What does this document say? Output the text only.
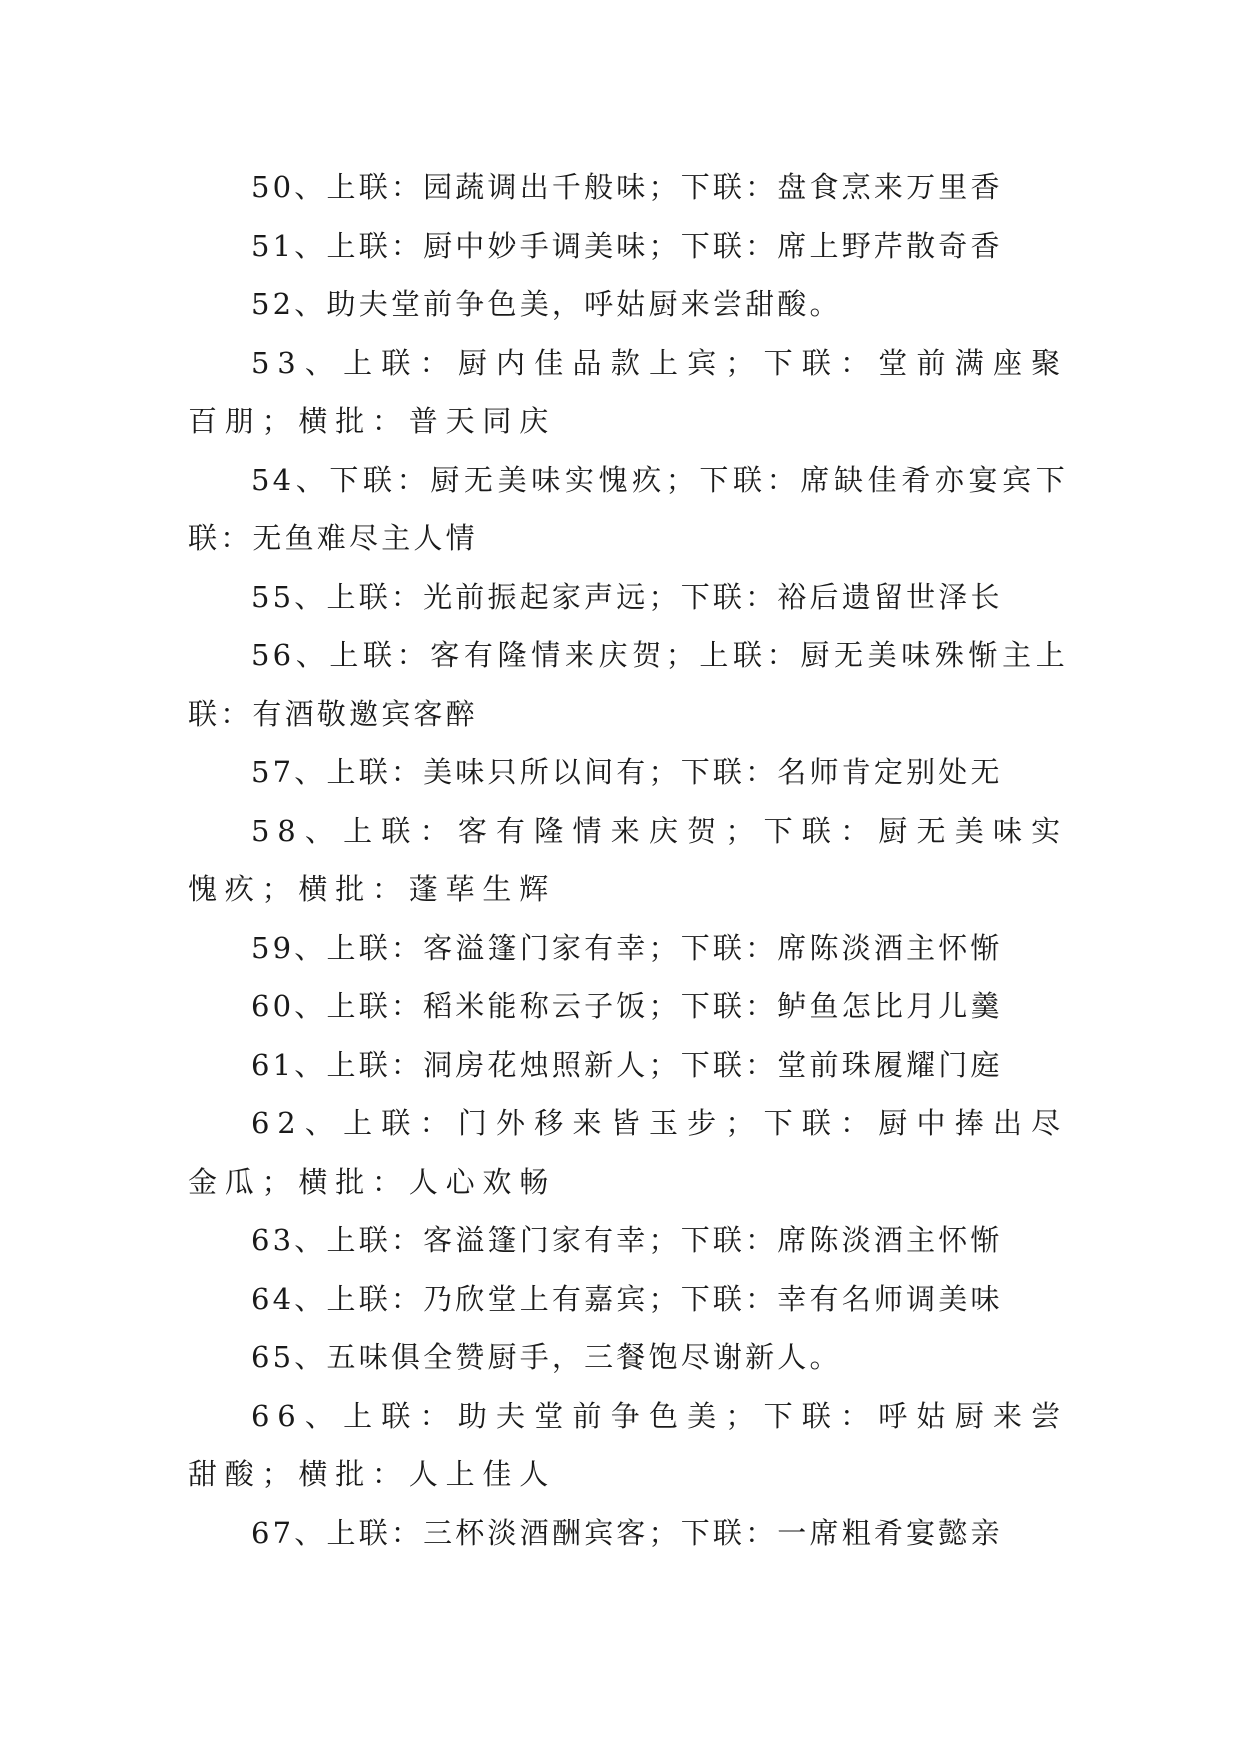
50、上联：园蔬调出千般味；下联：盘食烹来万里香

51、上联：厨中妙手调美味；下联：席上野芹散奇香

52、助夫堂前争色美，呼姑厨来尝甜酸。

53、上联：厨内佳品款上宾；下联：堂前满座聚百朋；横批：普天同庆

54、下联：厨无美味实愧疚；下联：席缺佳肴亦宴宾下联：无鱼难尽主人情

55、上联：光前振起家声远；下联：裕后遗留世泽长

56、上联：客有隆情来庆贺；上联：厨无美味殊惭主上联：有酒敬邀宾客醉

57、上联：美味只所以间有；下联：名师肯定别处无

58、上联：客有隆情来庆贺；下联：厨无美味实愧疚；横批：蓬荜生辉

59、上联：客溢篷门家有幸；下联：席陈淡酒主怀惭

60、上联：稻米能称云子饭；下联：鲈鱼怎比月儿羹

61、上联：洞房花烛照新人；下联：堂前珠履耀门庭

62、上联：门外移来皆玉步；下联：厨中捧出尽金瓜；横批：人心欢畅

63、上联：客溢篷门家有幸；下联：席陈淡酒主怀惭

64、上联：乃欣堂上有嘉宾；下联：幸有名师调美味

65、五味俱全赞厨手，三餐饱尽谢新人。

66、上联：助夫堂前争色美；下联：呼姑厨来尝甜酸；横批：人上佳人

67、上联：三杯淡酒酬宾客；下联：一席粗肴宴懿亲
